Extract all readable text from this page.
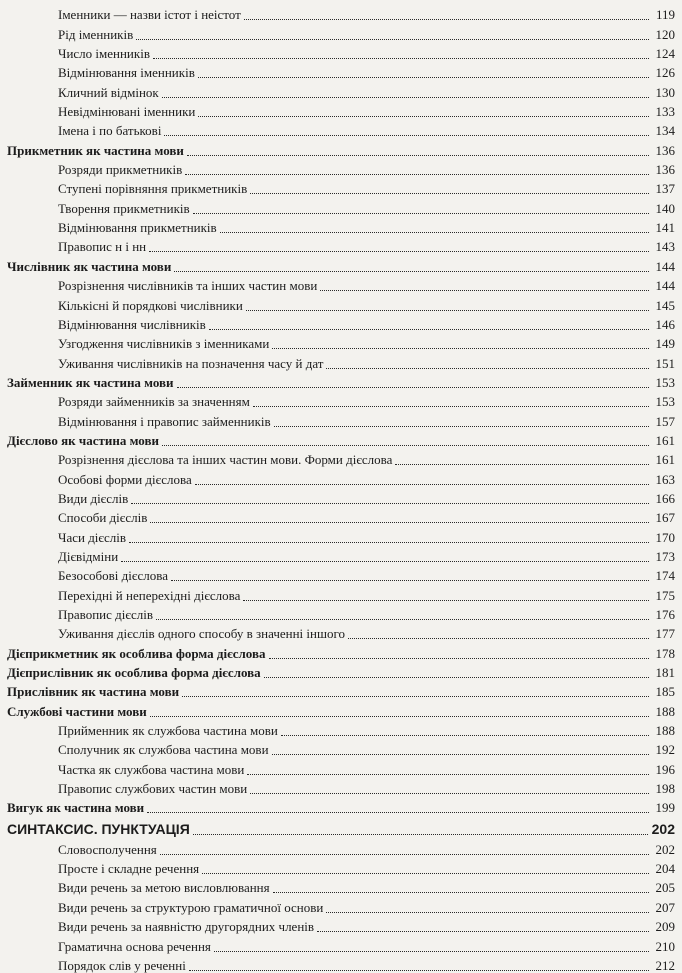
Іменники — назви істот і неістот	119
Рід іменників	120
Число іменників	124
Відмінювання іменників	126
Кличний відмінок	130
Невідмінювані іменники	133
Імена і по батькові	134
Прикметник як частина мови	136
Розряди прикметників	136
Ступені порівняння прикметників	137
Творення прикметників	140
Відмінювання прикметників	141
Правопис н і нн	143
Числівник як частина мови	144
Розрізнення числівників та інших частин мови	144
Кількісні й порядкові числівники	145
Відмінювання числівників	146
Узгодження числівників з іменниками	149
Уживання числівників на позначення часу й дат	151
Займенник як частина мови	153
Розряди займенників за значенням	153
Відмінювання і правопис займенників	157
Дієслово як частина мови	161
Розрізнення дієслова та інших частин мови. Форми дієслова	161
Особові форми дієслова	163
Види дієслів	166
Способи дієслів	167
Часи дієслів	170
Дієвідміни	173
Безособові дієслова	174
Перехідні й неперехідні дієслова	175
Правопис дієслів	176
Уживання дієслів одного способу в значенні іншого	177
Дієприкметник як особлива форма дієслова	178
Дієприслівник як особлива форма дієслова	181
Прислівник як частина мови	185
Службові частини мови	188
Прийменник як службова частина мови	188
Сполучник як службова частина мови	192
Частка як службова частина мови	196
Правопис службових частин мови	198
Вигук як частина мови	199
СИНТАКСИС. ПУНКТУАЦІЯ	202
Словосполучення	202
Просте і складне речення	204
Види речень за метою висловлювання	205
Види речень за структурою граматичної основи	207
Види речень за наявністю другорядних членів	209
Граматична основа речення	210
Порядок слів у реченні	212
